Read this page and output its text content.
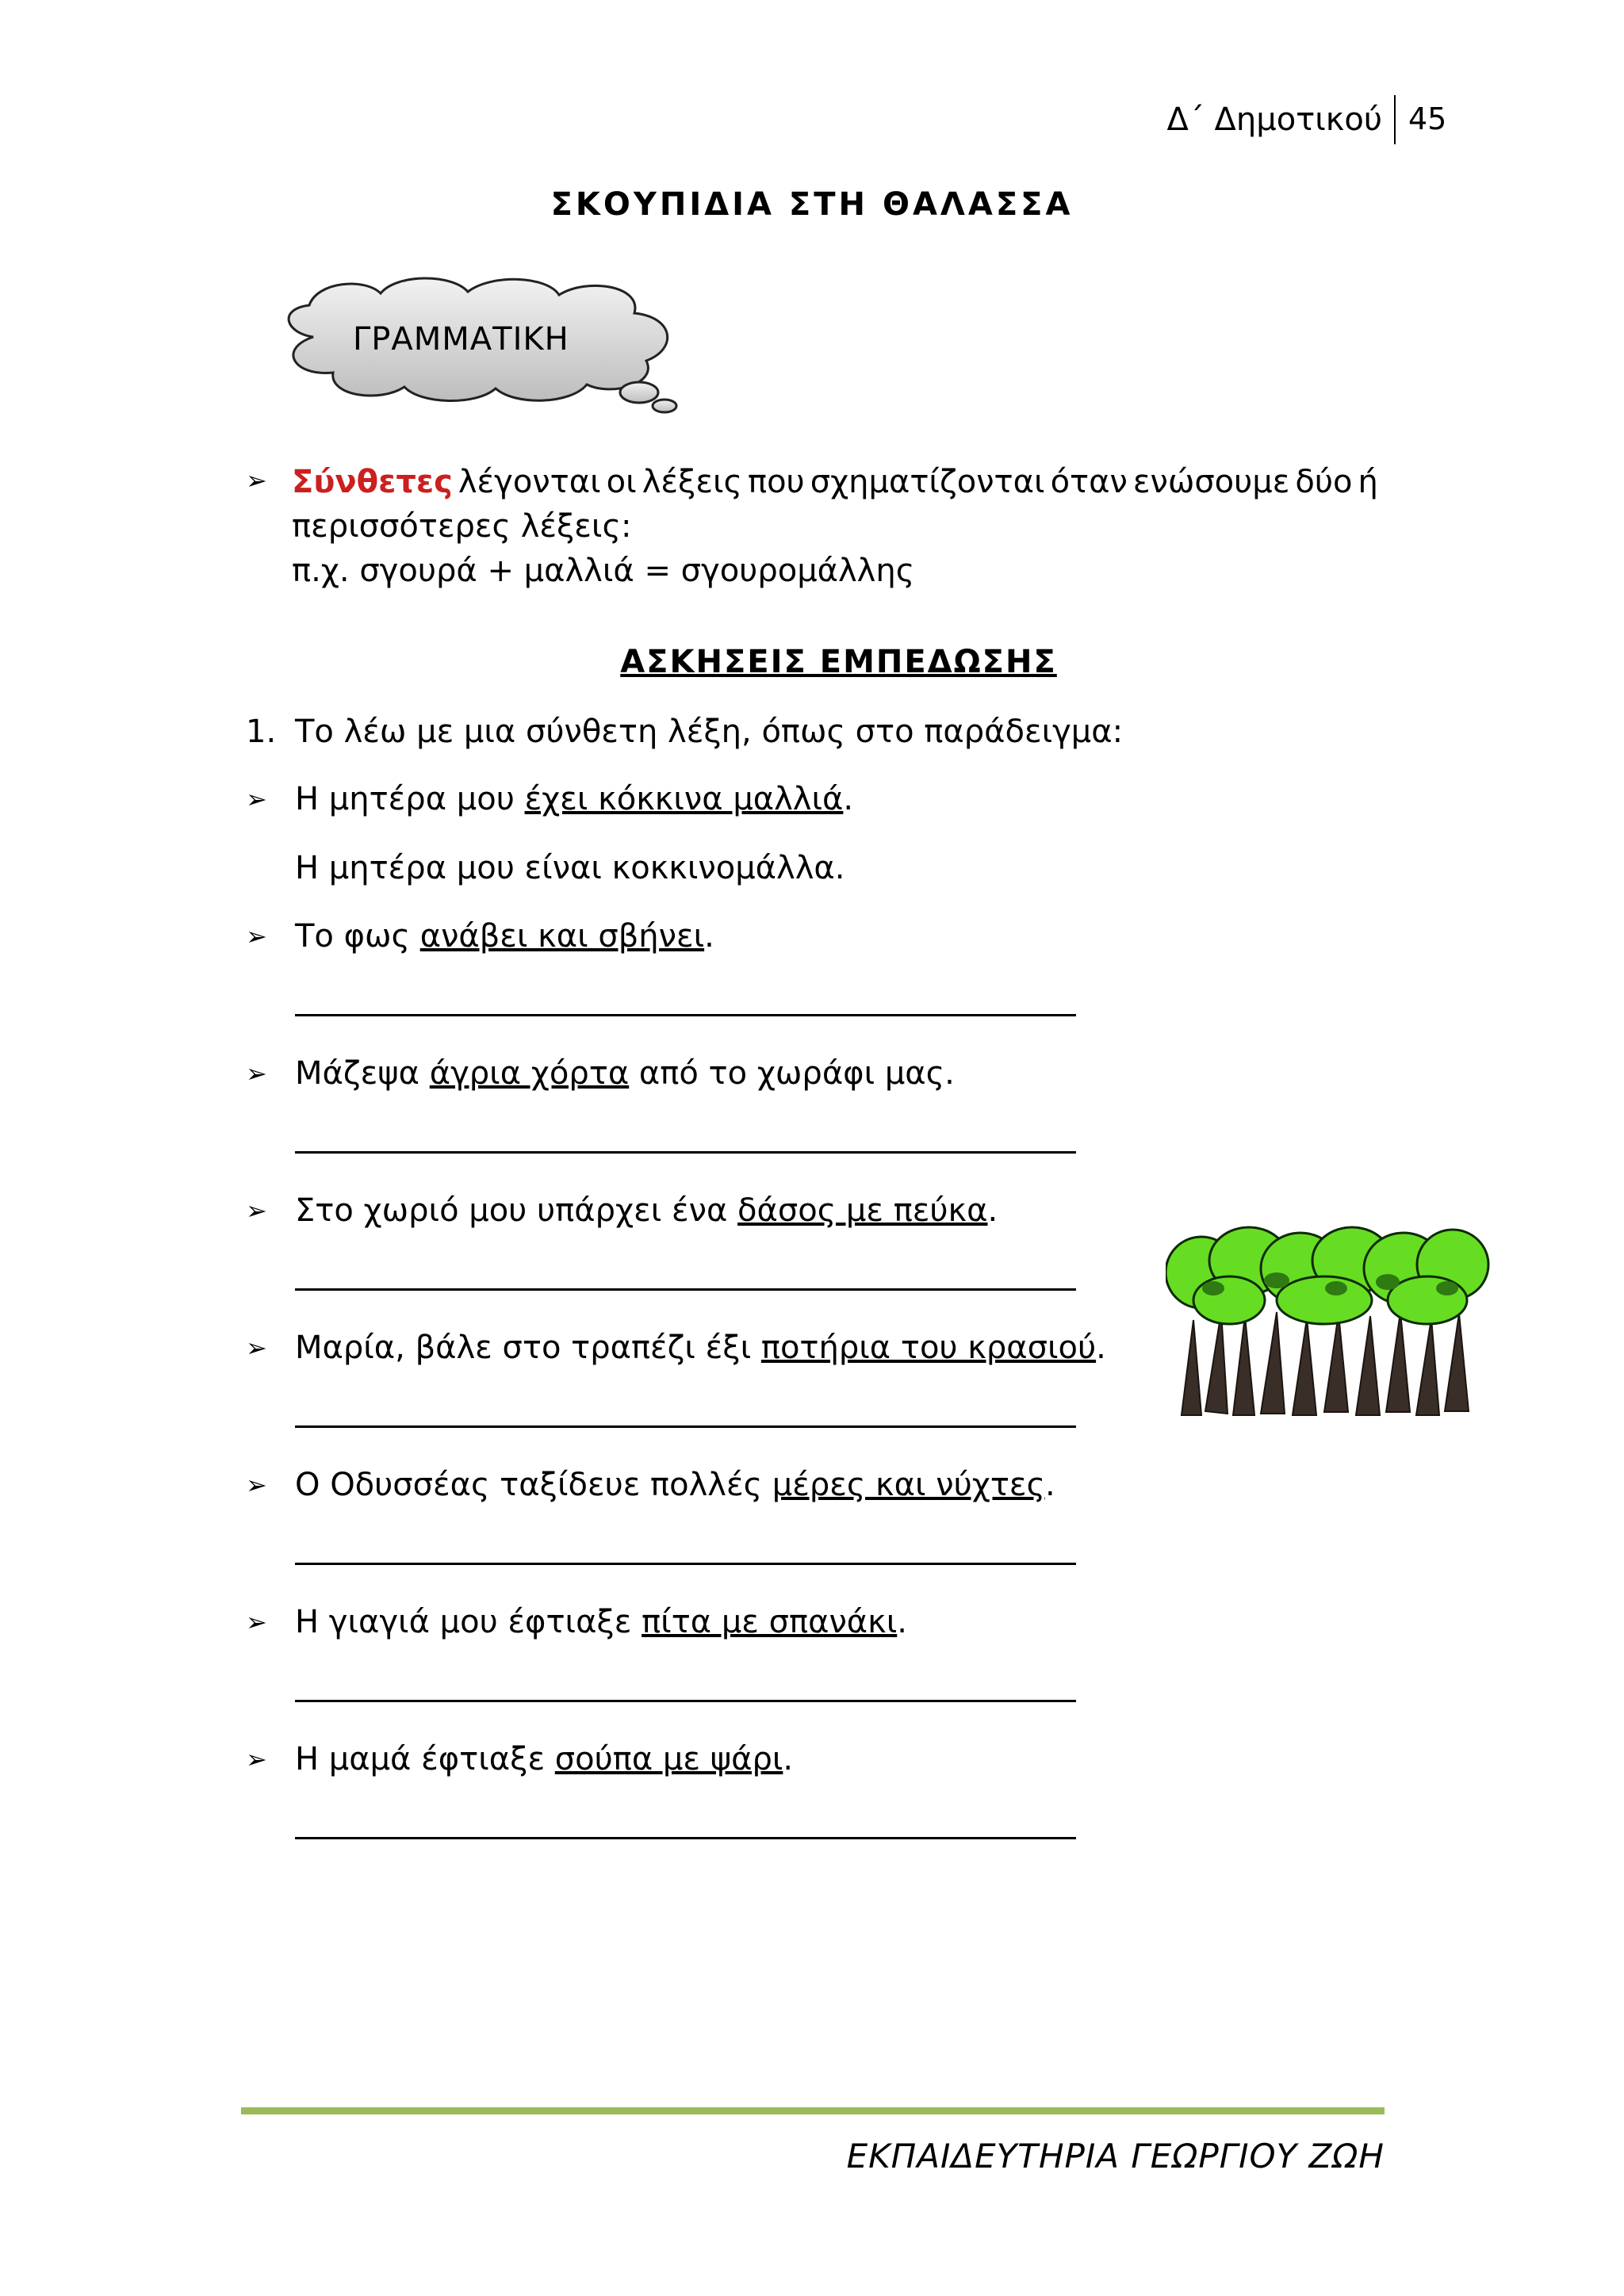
Δ΄ Δημοτικού 45
ΣΚΟΥΠΙΔΙΑ ΣΤΗ ΘΑΛΑΣΣΑ
ΓΡΑΜΜΑΤΙΚΗ
➢ Σύνθετες λέγονται οι λέξεις που σχηματίζονται όταν ενώσουμε δύο ή
περισσότερες λέξεις:
π.χ. σγουρά + μαλλιά = σγουρομάλλης
ΑΣΚΗΣΕΙΣ ΕΜΠΕΔΩΣΗΣ
1. Το λέω με μια σύνθετη λέξη, όπως στο παράδειγμα:
➢ Η μητέρα μου έχει κόκκινα μαλλιά.
Η μητέρα μου είναι κοκκινομάλλα.
➢ Το φως ανάβει και σβήνει.
➢ Μάζεψα άγρια χόρτα από το χωράφι μας.
➢ Στο χωριό μου υπάρχει ένα δάσος με πεύκα.
➢ Μαρία, βάλε στο τραπέζι έξι ποτήρια του κρασιού.
➢ Ο Οδυσσέας ταξίδευε πολλές μέρες και νύχτες.
➢ Η γιαγιά μου έφτιαξε πίτα με σπανάκι.
➢ Η μαμά έφτιαξε σούπα με ψάρι.
ΕΚΠΑΙΔΕΥΤΗΡΙΑ ΓΕΩΡΓΙΟΥ ΖΩΗ
